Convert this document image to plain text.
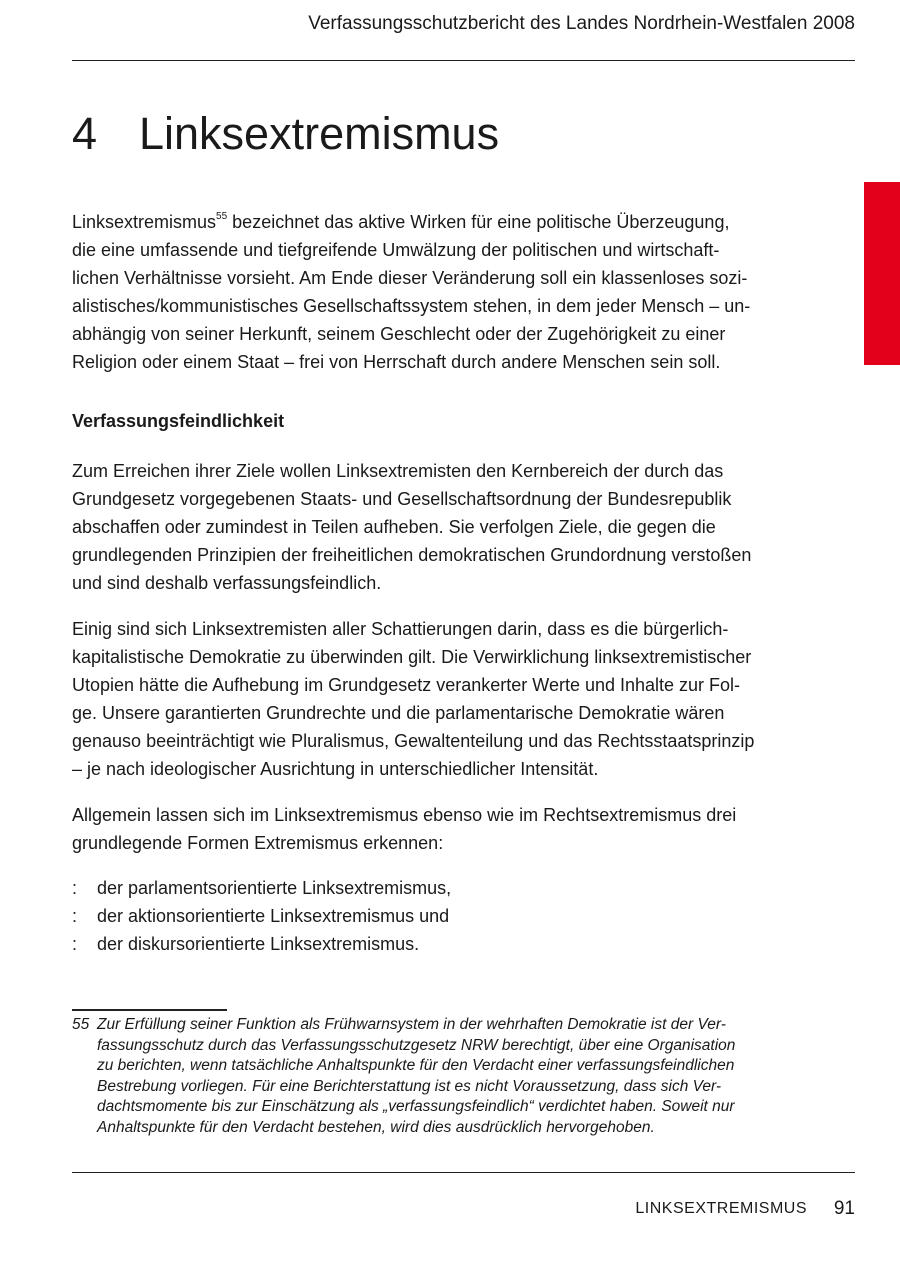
Verfassungsschutzbericht des Landes Nordrhein-Westfalen 2008
4 Linksextremismus

Linksextremismus$^{55}$ bezeichnet das aktive Wirken für eine politische Überzeugung,
die eine umfassende und tiefgreifende Umwälzung der politischen und wirtschaft-
lichen Verhältnisse vorsieht. Am Ende dieser Veränderung soll ein klassenloses sozi-
alistisches/kommunistisches Gesellschaftssystem stehen, in dem jeder Mensch – un-
abhängig von seiner Herkunft, seinem Geschlecht oder der Zugehörigkeit zu einer
Religion oder einem Staat – frei von Herrschaft durch andere Menschen sein soll.

Verfassungsfeindlichkeit

Zum Erreichen ihrer Ziele wollen Linksextremisten den Kernbereich der durch das
Grundgesetz vorgegebenen Staats- und Gesellschaftsordnung der Bundesrepublik
abschaffen oder zumindest in Teilen aufheben. Sie verfolgen Ziele, die gegen die
grundlegenden Prinzipien der freiheitlichen demokratischen Grundordnung verstoßen
und sind deshalb verfassungsfeindlich.

Einig sind sich Linksextremisten aller Schattierungen darin, dass es die bürgerlich-
kapitalistische Demokratie zu überwinden gilt. Die Verwirklichung linksextremistischer
Utopien hätte die Aufhebung im Grundgesetz verankerter Werte und Inhalte zur Fol-
ge. Unsere garantierten Grundrechte und die parlamentarische Demokratie wären
genauso beeinträchtigt wie Pluralismus, Gewaltenteilung und das Rechtsstaatsprinzip
– je nach ideologischer Ausrichtung in unterschiedlicher Intensität.

Allgemein lassen sich im Linksextremismus ebenso wie im Rechtsextremismus drei
grundlegende Formen Extremismus erkennen:

: der parlamentsorientierte Linksextremismus,
: der aktionsorientierte Linksextremismus und
: der diskursorientierte Linksextremismus.

55 Zur Erfüllung seiner Funktion als Frühwarnsystem in der wehrhaften Demokratie ist der Ver-
fassungsschutz durch das Verfassungsschutzgesetz NRW berechtigt, über eine Organisation
zu berichten, wenn tatsächliche Anhaltspunkte für den Verdacht einer verfassungsfeindlichen
Bestrebung vorliegen. Für eine Berichterstattung ist es nicht Voraussetzung, dass sich Ver-
dachtsmomente bis zur Einschätzung als „verfassungsfeindlich“ verdichtet haben. Soweit nur
Anhaltspunkte für den Verdacht bestehen, wird dies ausdrücklich hervorgehoben.

LINKSEXTREMISMUS 91
